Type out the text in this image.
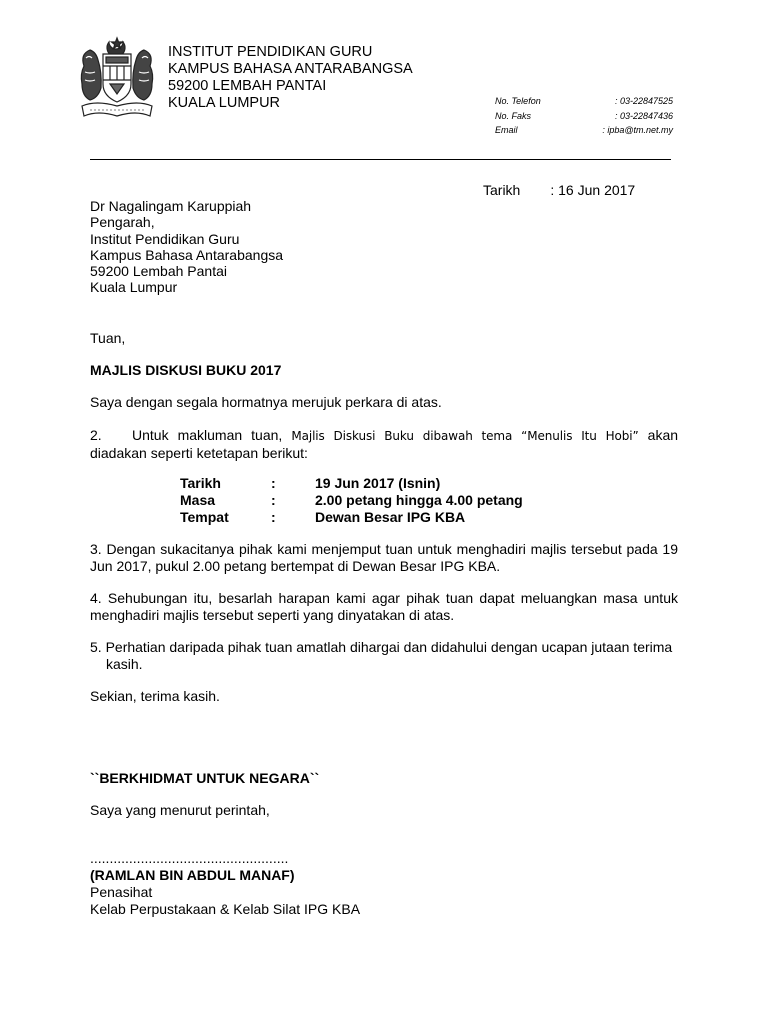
INSTITUT PENDIDIKAN GURU
KAMPUS BAHASA ANTARABANGSA
59200 LEMBAH PANTAI
KUALA LUMPUR	No. Telefon	: 03-22847525
No. Faks	: 03-22847436
Email	: ipba@tm.net.my
Tarikh : 16 Jun 2017
Dr Nagalingam Karuppiah
Pengarah,
Institut Pendidikan Guru
Kampus Bahasa Antarabangsa
59200 Lembah Pantai
Kuala Lumpur
Tuan,
MAJLIS DISKUSI BUKU 2017

Saya dengan segala hormatnya merujuk perkara di atas.

2. Untuk makluman tuan, Majlis Diskusi Buku dibawah tema “Menulis Itu Hobi” akan diadakan seperti ketetapan berikut:

Tarikh	:	19 Jun 2017 (Isnin)
Masa	:	2.00 petang hingga 4.00 petang
Tempat	:	Dewan Besar IPG KBA

3. Dengan sukacitanya pihak kami menjemput tuan untuk menghadiri majlis tersebut pada 19 Jun 2017, pukul 2.00 petang bertempat di Dewan Besar IPG KBA.

4. Sehubungan itu, besarlah harapan kami agar pihak tuan dapat meluangkan masa untuk menghadiri majlis tersebut seperti yang dinyatakan di atas.

5. Perhatian daripada pihak tuan amatlah dihargai dan didahului dengan ucapan jutaan terima
kasih.

Sekian, terima kasih.
``BERKHIDMAT UNTUK NEGARA``
Saya yang menurut perintah,
...................................................
(RAMLAN BIN ABDUL MANAF)
Penasihat
Kelab Perpustakaan & Kelab Silat IPG KBA
